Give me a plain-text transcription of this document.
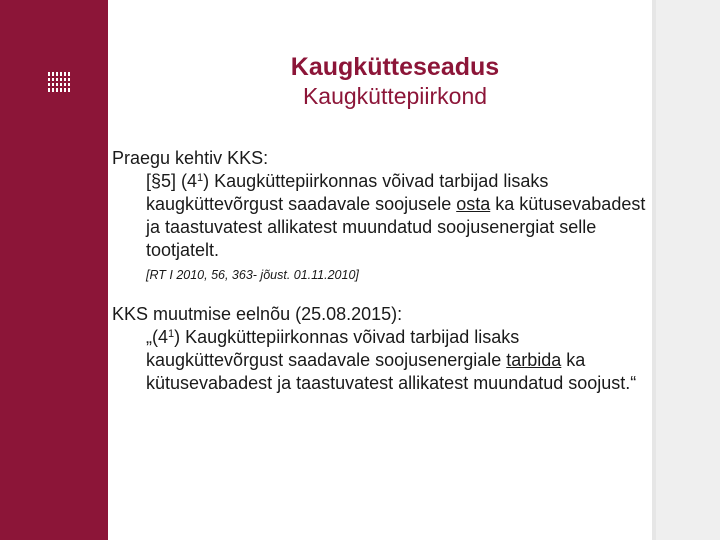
Kaugkütteseadus
Kaugküttepiirkond

Praegu kehtiv KKS:

[§5] $(4^1)$ Kaugküttepiirkonnas võivad tarbijad lisaks kaugküttevõrgust saadavale soojusele osta ka kütusevabadest ja taastuvatest allikatest muundatud soojusenergiat selle tootjatelt.

[RT I 2010, 56, 363- jõust. 01.11.2010]

KKS muutmise eelnõu (25.08.2015):

$„(4^1)$ Kaugküttepiirkonnas võivad tarbijad lisaks kaugküttevõrgust saadavale soojusenergiale tarbida ka kütusevabadest ja taastuvatest allikatest muundatud soojust.“
